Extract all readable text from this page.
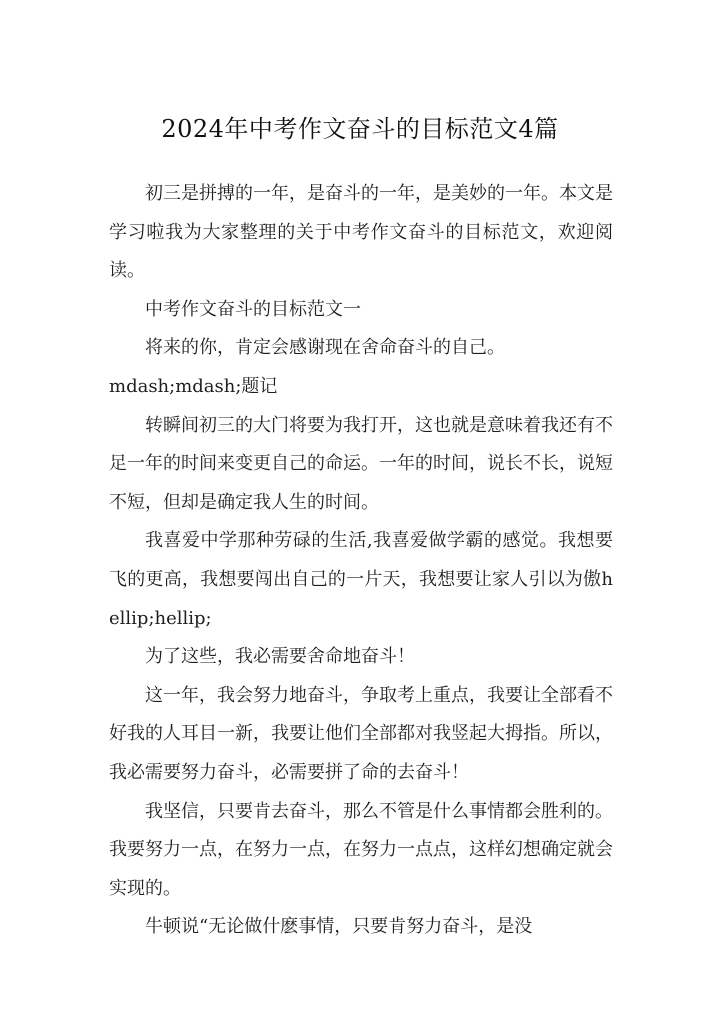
2024年中考作文奋斗的目标范文4篇

初三是拼搏的一年，是奋斗的一年，是美妙的一年。本文是学习啦我为大家整理的关于中考作文奋斗的目标范文，欢迎阅读。

中考作文奋斗的目标范文一

将来的你，肯定会感谢现在舍命奋斗的自己。

mdash;mdash;题记

转瞬间初三的大门将要为我打开，这也就是意味着我还有不足一年的时间来变更自己的命运。一年的时间，说长不长，说短不短，但却是确定我人生的时间。

我喜爱中学那种劳碌的生活,我喜爱做学霸的感觉。我想要飞的更高，我想要闯出自己的一片天，我想要让家人引以为傲hellip;hellip;

为了这些，我必需要舍命地奋斗！

这一年，我会努力地奋斗，争取考上重点，我要让全部看不好我的人耳目一新，我要让他们全部都对我竖起大拇指。所以，我必需要努力奋斗，必需要拼了命的去奋斗！

我坚信，只要肯去奋斗，那么不管是什么事情都会胜利的。我要努力一点，在努力一点，在努力一点点，这样幻想确定就会实现的。

牛顿说“无论做什麽事情，只要肯努力奋斗，是没
